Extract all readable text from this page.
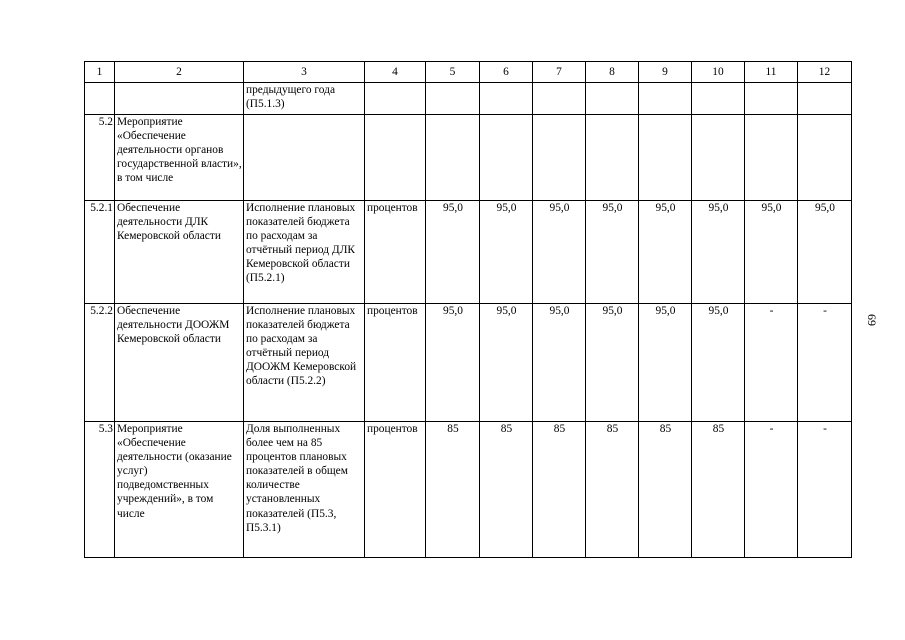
1	2	3	4	5	6	7	8	9	10	11	12
		предыдущего года (П5.1.3)									
5.2	Мероприятие «Обеспечение деятельности органов государственной власти», в том числе										
5.2.1	Обеспечение деятельности ДЛК Кемеровской области	Исполнение плановых показателей бюджета по расходам за отчётный период ДЛК Кемеровской области (П5.2.1)	процентов	95,0	95,0	95,0	95,0	95,0	95,0	95,0	95,0
5.2.2	Обеспечение деятельности ДООЖМ Кемеровской области	Исполнение плановых показателей бюджета по расходам за отчётный период ДООЖМ Кемеровской области (П5.2.2)	процентов	95,0	95,0	95,0	95,0	95,0	95,0	-	-
5.3	Мероприятие «Обеспечение деятельности (оказание услуг) подведомственных учреждений», в том числе	Доля выполненных более чем на 85 процентов плановых показателей в общем количестве установленных показателей (П5.3, П5.3.1)	процентов	85	85	85	85	85	85	-	-
69
